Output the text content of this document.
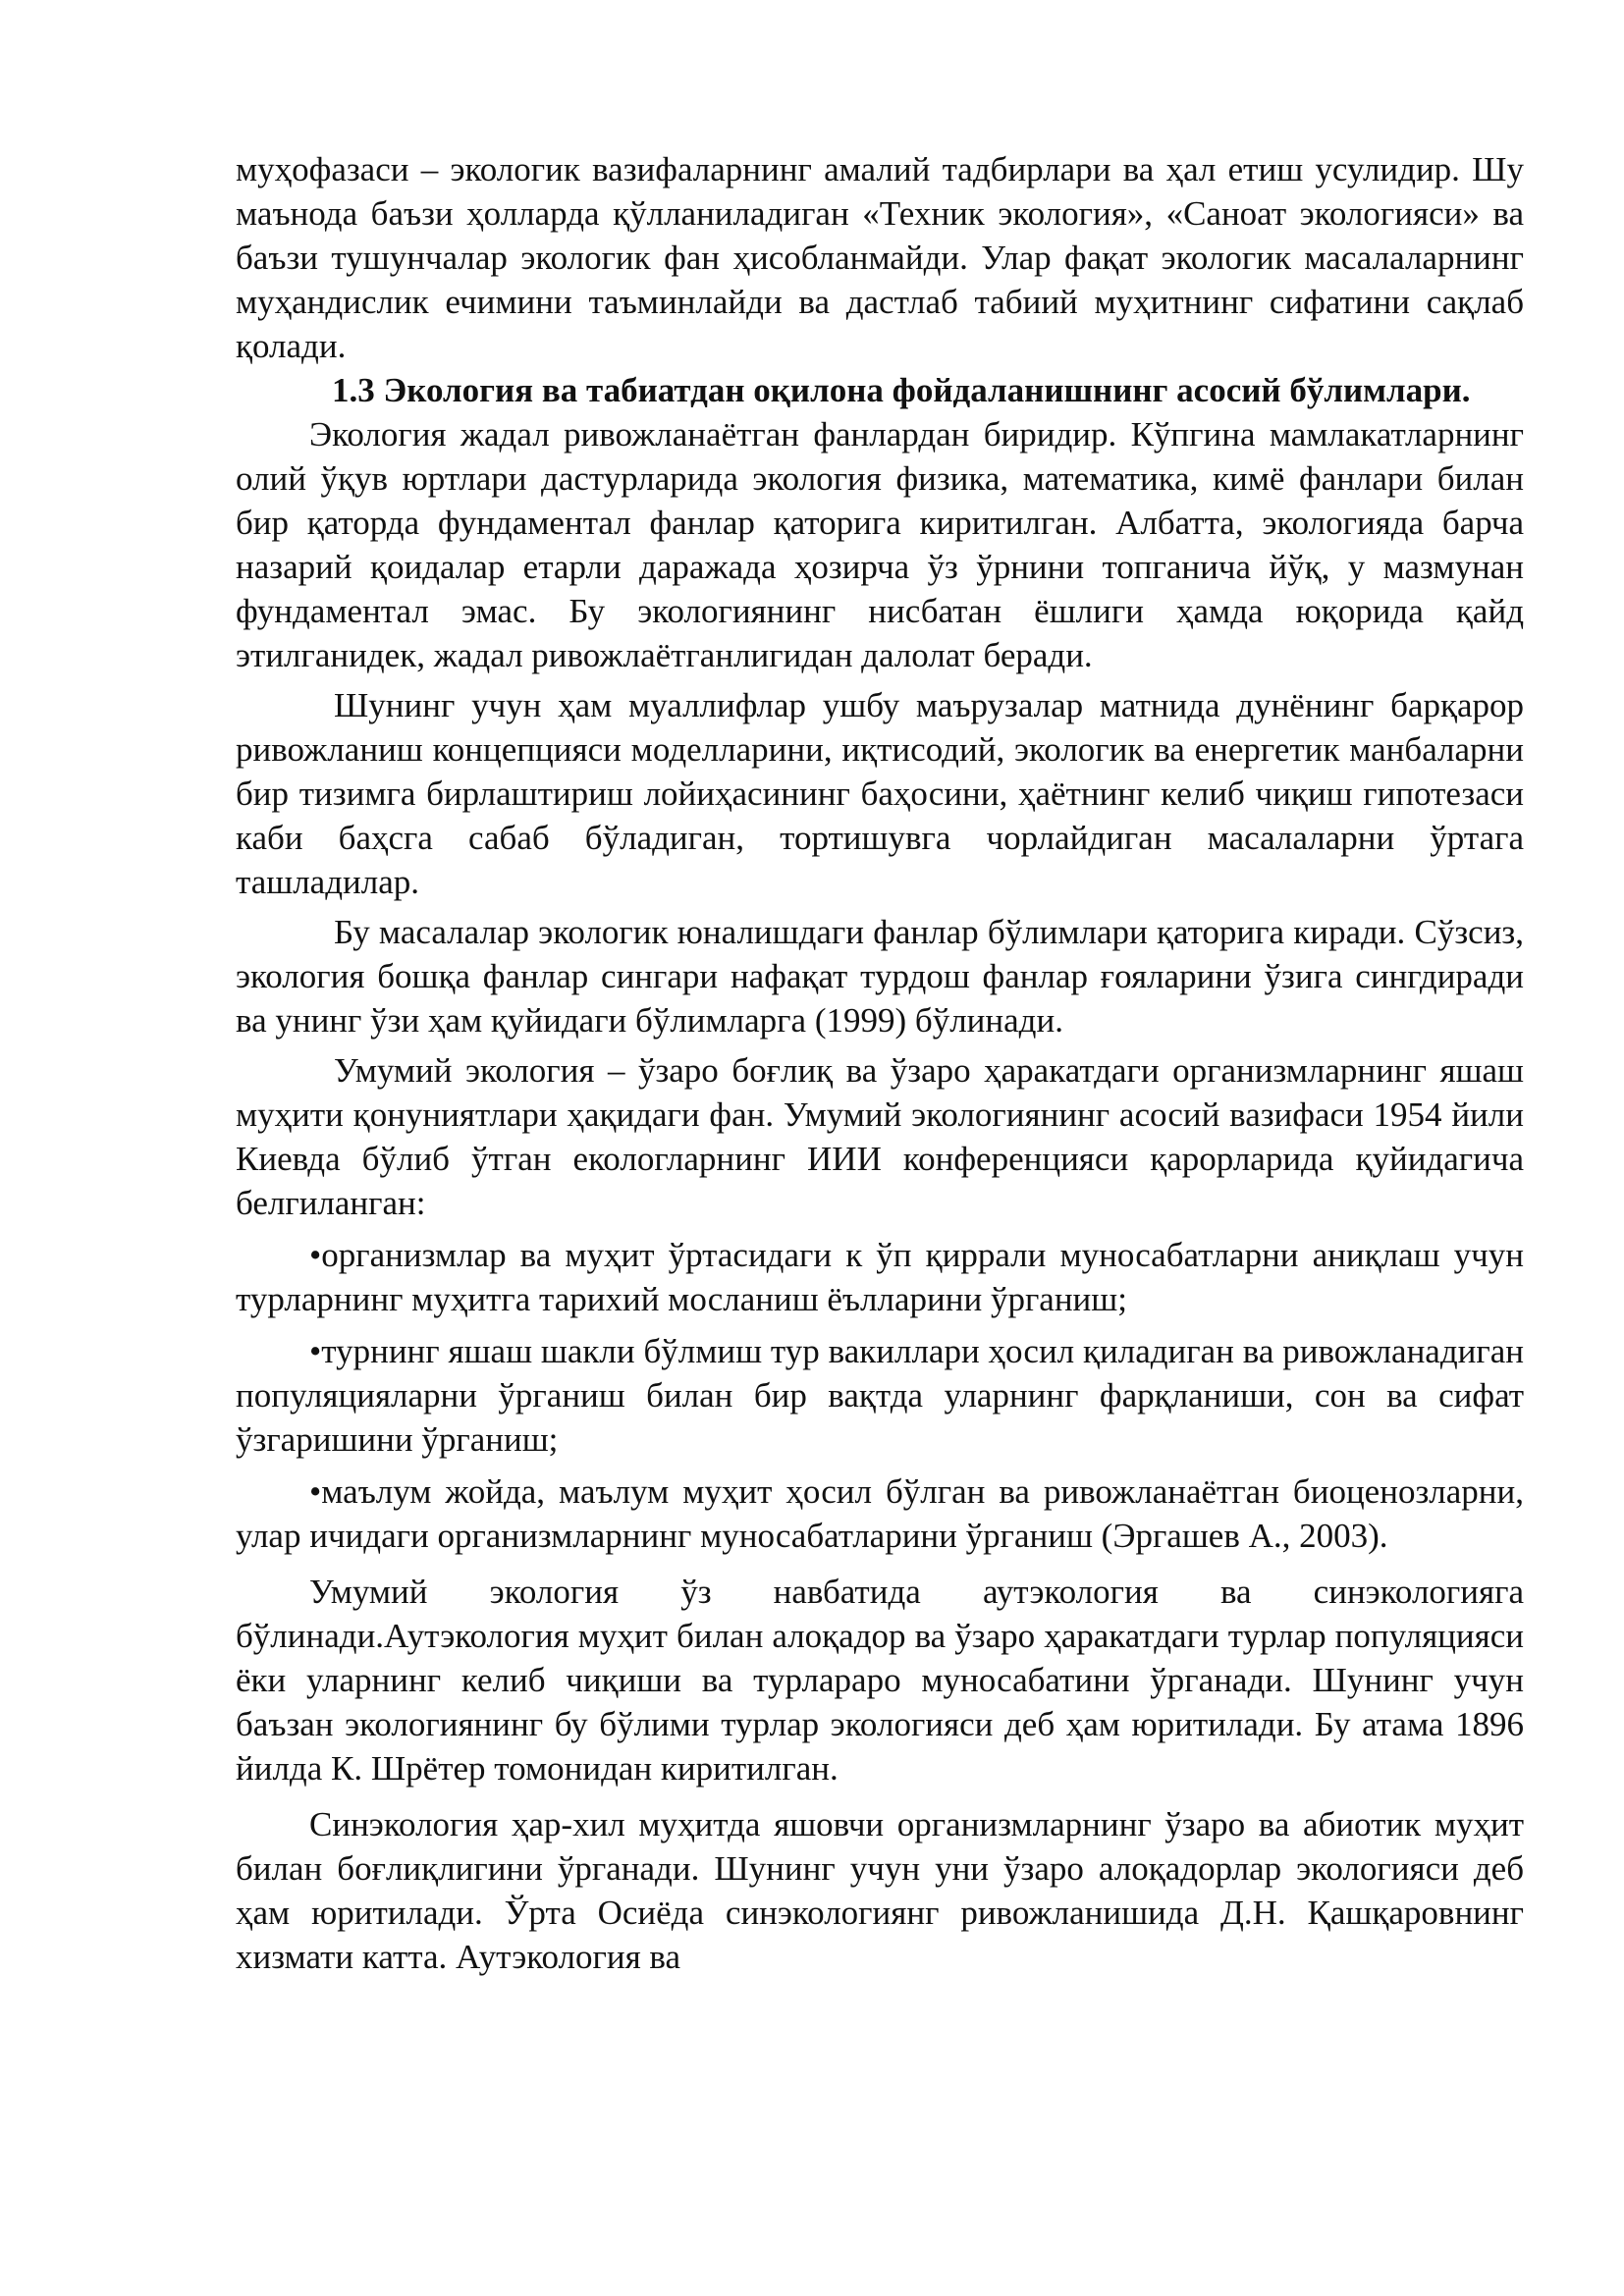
муҳофазаси – экологик вазифаларнинг амалий тадбирлари ва ҳал етиш усулидир. Шу маънода баъзи ҳолларда қўлланиладиган «Техник экология», «Саноат экологияси» ва баъзи тушунчалар экологик фан ҳисобланмайди. Улар фақат экологик масалаларнинг муҳандислик ечимини таъминлайди ва дастлаб табиий муҳитнинг сифатини сақлаб қолади.

1.3 Экология ва табиатдан оқилона фойдаланишнинг асосий бўлимлари.

Экология жадал ривожланаётган фанлардан биридир. Кўпгина мамлакатларнинг олий ўқув юртлари дастурларида экология физика, математика, кимё фанлари билан бир қаторда фундаментал фанлар қаторига киритилган. Албатта, экологияда барча назарий қоидалар етарли даражада ҳозирча ўз ўрнини топганича йўқ, у мазмунан фундаментал эмас. Бу экологиянинг нисбатан ёшлиги ҳамда юқорида қайд этилганидек, жадал ривожлаётганлигидан далолат беради.

Шунинг учун ҳам муаллифлар ушбу маърузалар матнида дунёнинг барқарор ривожланиш концепцияси моделларини, иқтисодий, экологик ва енергетик манбаларни бир тизимга бирлаштириш лойиҳасининг баҳосини, ҳаётнинг келиб чиқиш гипотезаси каби баҳсга сабаб бўладиган, тортишувга чорлайдиган масалаларни ўртага ташладилар.

Бу масалалар экологик юналишдаги фанлар бўлимлари қаторига киради. Сўзсиз, экология бошқа фанлар сингари нафақат турдош фанлар ғояларини ўзига сингдиради ва унинг ўзи ҳам қуйидаги бўлимларга (1999) бўлинади.

Умумий экология – ўзаро боғлиқ ва ўзаро ҳаракатдаги организмларнинг яшаш муҳити қонуниятлари ҳақидаги фан. Умумий экологиянинг асосий вазифаси 1954 йили Киевда бўлиб ўтган екологларнинг ИИИ конференцияси қарорларида қуйидагича белгиланган:

•организмлар ва муҳит ўртасидаги к ўп қиррали муносабатларни аниқлаш учун турларнинг муҳитга тарихий мосланиш ёълларини ўрганиш;

•турнинг яшаш шакли бўлмиш тур вакиллари ҳосил қиладиган ва ривожланадиган популяцияларни ўрганиш билан бир вақтда уларнинг фарқланиши, сон ва сифат ўзгаришини ўрганиш;

•маълум жойда, маълум муҳит ҳосил бўлган ва ривожланаётган биоценозларни, улар ичидаги организмларнинг муносабатларини ўрганиш (Эргашев А., 2003).

Умумий экология ўз навбатида аутэкология ва синэкологияга бўлинади.Аутэкология муҳит билан алоқадор ва ўзаро ҳаракатдаги турлар популяцияси ёки уларнинг келиб чиқиши ва турлараро муносабатини ўрганади. Шунинг учун баъзан экологиянинг бу бўлими турлар экологияси деб ҳам юритилади. Бу атама 1896 йилда К. Шрётер томонидан киритилган.

Синэкология ҳар-хил муҳитда яшовчи организмларнинг ўзаро ва абиотик муҳит билан боғлиқлигини ўрганади. Шунинг учун уни ўзаро алоқадорлар экологияси деб ҳам юритилади. Ўрта Осиёда синэкологиянг ривожланишида Д.Н. Қашқаровнинг хизмати катта. Аутэкология ва
